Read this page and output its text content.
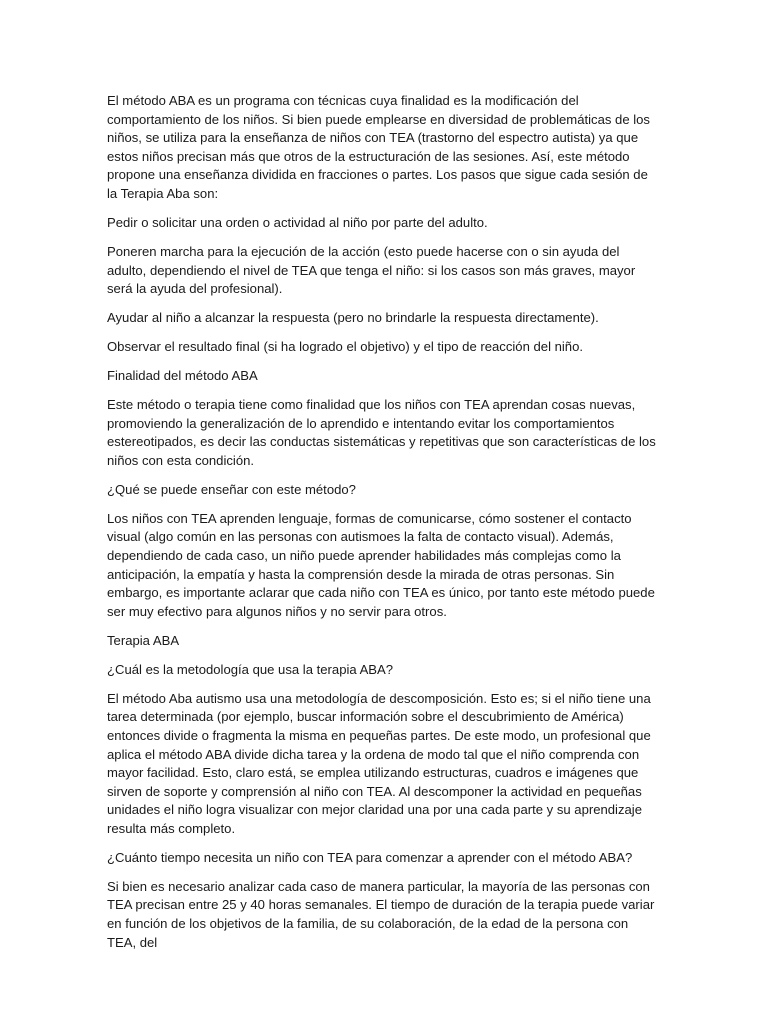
El método ABA es un programa con técnicas cuya finalidad es la modificación del comportamiento de los niños. Si bien puede emplearse en diversidad de problemáticas de los niños, se utiliza para la enseñanza de niños con TEA (trastorno del espectro autista) ya que estos niños precisan más que otros de la estructuración de las sesiones. Así, este método propone una enseñanza dividida en fracciones o partes. Los pasos que sigue cada sesión de la Terapia Aba son:

Pedir o solicitar una orden o actividad al niño por parte del adulto.

Poneren marcha para la ejecución de la acción (esto puede hacerse con o sin ayuda del adulto, dependiendo el nivel de TEA que tenga el niño: si los casos son más graves, mayor será la ayuda del profesional).

Ayudar al niño a alcanzar la respuesta (pero no brindarle la respuesta directamente).

Observar el resultado final (si ha logrado el objetivo) y el tipo de reacción del niño.

Finalidad del método ABA

Este método o terapia tiene como finalidad que los niños con TEA aprendan cosas nuevas, promoviendo la generalización de lo aprendido e intentando evitar los comportamientos estereotipados, es decir las conductas sistemáticas y repetitivas que son características de los niños con esta condición.

¿Qué se puede enseñar con este método?

Los niños con TEA aprenden lenguaje, formas de comunicarse, cómo sostener el contacto visual (algo común en las personas con autismoes la falta de contacto visual). Además, dependiendo de cada caso, un niño puede aprender habilidades más complejas como la anticipación, la empatía y hasta la comprensión desde la mirada de otras personas. Sin embargo, es importante aclarar que cada niño con TEA es único, por tanto este método puede ser muy efectivo para algunos niños y no servir para otros.

Terapia ABA

¿Cuál es la metodología que usa la terapia ABA?

El método Aba autismo usa una metodología de descomposición. Esto es; si el niño tiene una tarea determinada (por ejemplo, buscar información sobre el descubrimiento de América) entonces divide o fragmenta la misma en pequeñas partes. De este modo, un profesional que aplica el método ABA divide dicha tarea y la ordena de modo tal que el niño comprenda con mayor facilidad. Esto, claro está, se emplea utilizando estructuras, cuadros e imágenes que sirven de soporte y comprensión al niño con TEA. Al descomponer la actividad en pequeñas unidades el niño logra visualizar con mejor claridad una por una cada parte y su aprendizaje resulta más completo.

¿Cuánto tiempo necesita un niño con TEA para comenzar a aprender con el método ABA?

Si bien es necesario analizar cada caso de manera particular, la mayoría de las personas con TEA precisan entre 25 y 40 horas semanales. El tiempo de duración de la terapia puede variar en función de los objetivos de la familia, de su colaboración, de la edad de la persona con TEA, del
